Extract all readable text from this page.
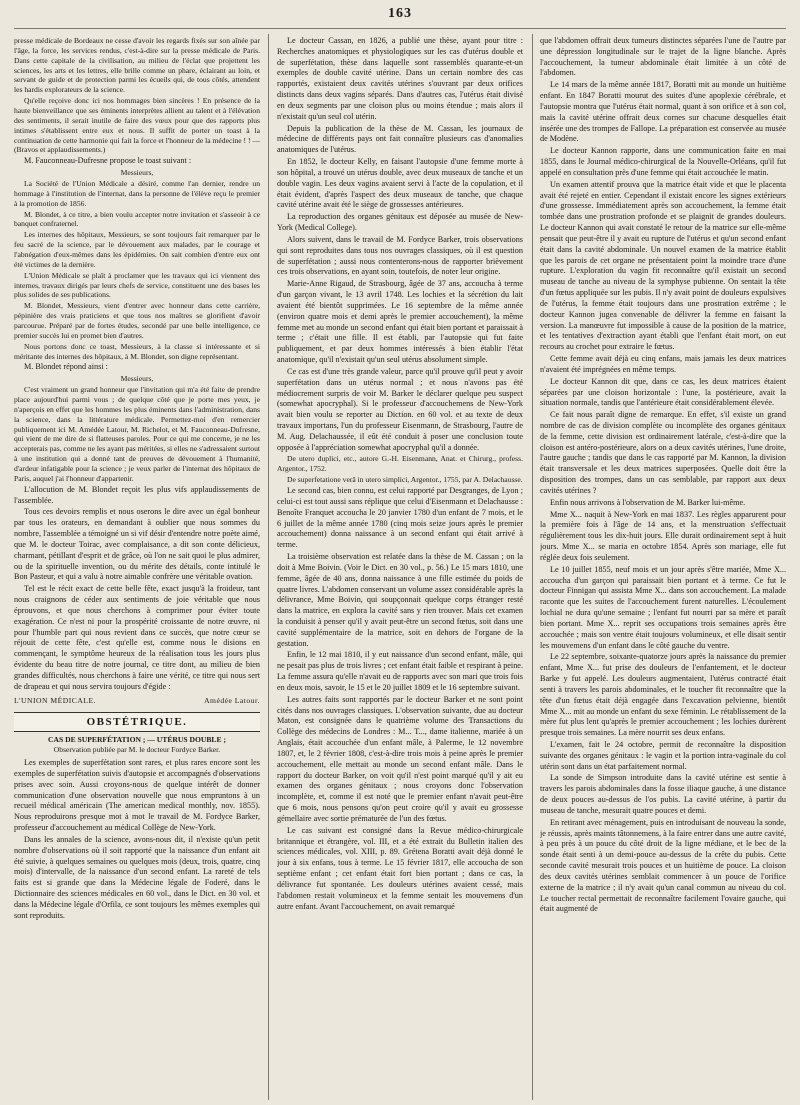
163

presse médicale de Bordeaux ne cesse d'avoir les regards fixés sur son aînée par l'âge, la force, les services rendus, c'est-à-dire sur la presse médicale de Paris. Dans cette capitale de la civilisation, au milieu de l'éclat que projettent les sciences, les arts et les lettres, elle brille comme un phare, éclairant au loin, et servant de guide et de protection parmi les écueils qui, de tous côtés, attendent les hardis explorateurs de la science.

Qu'elle reçoive donc ici nos hommages bien sincères ! En présence de la haute bienveillance que ses éminents interprètes allient au talent et à l'élévation des sentiments, il serait inutile de faire des vœux pour que des rapports plus intimes s'établissent entre eux et nous. Il suffit de porter un toast à la continuation de cette harmonie qui fait la force et l'honneur de la médecine ! ! — (Bravos et applaudissements.)

M. Fauconneau-Dufresne propose le toast suivant :

Messieurs,

La Société de l'Union Médicale a désiré, comme l'an dernier, rendre un hommage à l'institution de l'internat, dans la personne de l'élève reçu le premier à la promotion de 1856.

M. Blondet, à ce titre, a bien voulu accepter notre invitation et s'asseoir à ce banquet confraternel.

Les internes des hôpitaux, Messieurs, se sont toujours fait remarquer par le feu sacré de la science, par le dévouement aux malades, par le courage et l'abnégation d'eux-mêmes dans les épidémies. On sait combien d'entre eux ont été victimes de la dernière.

L'Union Médicale se plaît à proclamer que les travaux qui ici viennent des internes, travaux dirigés par leurs chefs de service, constituent une des bases les plus solides de ses publications.

M. Blondet, Messieurs, vient d'entrer avec honneur dans cette carrière, pépinière des vrais praticiens et que tous nos maîtres se glorifient d'avoir parcourue. Préparé par de fortes études, secondé par une belle intelligence, ce premier succès lui en promet bien d'autres.

Nous portons donc ce toast, Messieurs, à la classe si intéressante et si méritante des internes des hôpitaux, à M. Blondet, son digne représentant.

M. Blondet répond ainsi :

Messieurs,

C'est vraiment un grand honneur que l'invitation qui m'a été faite de prendre place aujourd'hui parmi vous ; de quelque côté que je porte mes yeux, je n'aperçois en effet que les hommes les plus éminents dans l'administration, dans la science, dans la littérature médicale. Permettez-moi d'en remercier publiquement ici M. Amédée Latour, M. Richelot, et M. Fauconneau-Dufresne, qui vient de me dire de si flatteuses paroles. Pour ce qui me concerne, je ne les accepterais pas, comme ne les ayant pas méritées, si elles ne s'adressaient surtout à une institution qui a donné tant de preuves de dévouement à l'humanité, d'ardeur infatigable pour la science ; je veux parler de l'internat des hôpitaux de Paris, auquel j'ai l'honneur d'appartenir.

L'allocution de M. Blondet reçoit les plus vifs applaudissements de l'assemblée.

Tous ces devoirs remplis et nous oserons le dire avec un égal bonheur par tous les orateurs, en demandant à oublier que nous sommes du nombre, l'assemblée a témoigné un si vif désir d'entendre notre poète aimé, que M. le docteur Toirac, avec complaisance, a dit son conte délicieux, charmant, pétillant d'esprit et de grâce, où l'on ne sait quoi le plus admirer, ou de la spirituelle invention, ou du mérite des détails, conte intitulé le Bon Pasteur, et qui a valu à notre aimable confrère une véritable ovation.

Tel est le récit exact de cette belle fête, exact jusqu'à la froideur, tant nous craignons de céder aux sentiments de joie véritable que nous éprouvons, et que nous cherchons à comprimer pour éviter toute exagération. Ce n'est ni pour la prospérité croissante de notre œuvre, ni pour l'humble part qui nous revient dans ce succès, que notre cœur se réjouit de cette fête, c'est qu'elle est, comme nous le disions en commençant, le symptôme heureux de la réalisation tous les jours plus évidente du beau titre de notre journal, ce titre dont, au milieu de bien grandes difficultés, nous cherchons à faire une vérité, ce titre qui nous sert de drapeau et qui nous servira toujours d'égide :

L'UNION MÉDICALE.	Amédée Latour.
OBSTÉTRIQUE.
CAS DE SUPERFÉTATION ; — UTÉRUS DOUBLE ;
Observation publiée par M. le docteur Fordyce Barker.

Les exemples de superfétation sont rares, et plus rares encore sont les exemples de superfétation suivis d'autopsie et accompagnés d'observations prises avec soin. Aussi croyons-nous de quelque intérêt de donner communication d'une observation nouvelle que nous empruntons à un recueil médical américain (The american medical monthly, nov. 1855). Nous reproduirons presque mot à mot le travail de M. Fordyce Barker, professeur d'accouchement au médical Collège de New-York.

Dans les annales de la science, avons-nous dit, il n'existe qu'un petit nombre d'observations où il soit rapporté que la naissance d'un enfant ait été suivie, à quelques semaines ou quelques mois (deux, trois, quatre, cinq mois) d'intervalle, de la naissance d'un second enfant. La rareté de tels faits est si grande que dans la Médecine légale de Foderé, dans le Dictionnaire des sciences médicales en 60 vol., dans le Dict. en 30 vol. et dans la Médecine légale d'Orfila, ce sont toujours les mêmes exemples qui sont reproduits.

Le docteur Cassan, en 1826, a publié une thèse, ayant pour titre : Recherches anatomiques et physiologiques sur les cas d'utérus double et de superfétation, thèse dans laquelle sont rassemblés quarante-et-un exemples de double cavité utérine. Dans un certain nombre des cas rapportés, existaient deux cavités utérines s'ouvrant par deux orifices distincts dans deux vagins séparés. Dans d'autres cas, l'utérus était divisé en deux segments par une cloison plus ou moins étendue ; mais alors il n'existait qu'un seul col utérin.

Depuis la publication de la thèse de M. Cassan, les journaux de médecine de différents pays ont fait connaître plusieurs cas d'anomalies anatomiques de l'utérus.

En 1852, le docteur Kelly, en faisant l'autopsie d'une femme morte à son hôpital, a trouvé un utérus double, avec deux museaux de tanche et un double vagin. Les deux vagins avaient servi à l'acte de la copulation, et il était évident, d'après l'aspect des deux museaux de tanche, que chaque cavité utérine avait été le siège de grossesses antérieures.

La reproduction des organes génitaux est déposée au musée de New-York (Medical College).

Alors suivent, dans le travail de M. Fordyce Barker, trois observations qui sont reproduites dans tous nos ouvrages classiques, où il est question de superfétation ; aussi nous contenterons-nous de rapporter brièvement ces trois observations, en ayant soin, toutefois, de noter leur origine.

Marie-Anne Rigaud, de Strasbourg, âgée de 37 ans, accoucha à terme d'un garçon vivant, le 13 avril 1748. Les lochies et la sécrétion du lait avaient été bientôt supprimées. Le 16 septembre de la même année (environ quatre mois et demi après le premier accouchement), la même femme met au monde un second enfant qui était bien portant et paraissait à terme ; c'était une fille. Il est établi, par l'autopsie qui fut faite publiquement, et par deux hommes intéressés à bien établir l'état anatomique, qu'il n'existait qu'un seul utérus absolument simple.

Ce cas est d'une très grande valeur, parce qu'il prouve qu'il peut y avoir superfétation dans un utérus normal ; et nous n'avons pas été médiocrement surpris de voir M. Barker le déclarer quelque peu suspect (somewhat apocryphal). Si le professeur d'accouchemens de New-York avait bien voulu se reporter au Diction. en 60 vol. et au texte de deux travaux importans, l'un du professeur Eisenmann, de Strasbourg, l'autre de M. Aug. Delachaussée, il eût été conduit à poser une conclusion toute opposée à l'appréciation somewhat apocryphal qu'il a donnée.

De utero duplici, etc., autore G.-H. Eisenmann, Anat. et Chirurg., profess. Argentor., 1752.

De superfetatione verâ in utero simplici, Argentor., 1755, par A. Delachausse.

Le second cas, bien connu, est celui rapporté par Desgranges, de Lyon ; celui-ci est tout aussi sans réplique que celui d'Eisenmann et Delachausse : Benoîte Franquet accoucha le 20 janvier 1780 d'un enfant de 7 mois, et le 6 juillet de la même année 1780 (cinq mois seize jours après le premier accouchement) donna naissance à un second enfant qui était arrivé à terme.

La troisième observation est relatée dans la thèse de M. Cassan ; on la doit à Mme Boivin. (Voir le Dict. en 30 vol., p. 56.) Le 15 mars 1810, une femme, âgée de 40 ans, donna naissance à une fille estimée du poids de quatre livres. L'abdomen conservant un volume assez considérable après la délivrance, Mme Boivin, qui soupçonnait quelque corps étranger resté dans la matrice, en explora la cavité sans y rien trouver. Mais cet examen la conduisit à penser qu'il y avait peut-être un second fœtus, soit dans une cavité supplémentaire de la matrice, soit en dehors de l'organe de la gestation.

Enfin, le 12 mai 1810, il y eut naissance d'un second enfant, mâle, qui ne pesait pas plus de trois livres ; cet enfant était faible et respirant à peine. La femme assura qu'elle n'avait eu de rapports avec son mari que trois fois en deux mois, savoir, le 15 et le 20 juillet 1809 et le 16 septembre suivant.

Les autres faits sont rapportés par le docteur Barker et ne sont point cités dans nos ouvrages classiques. L'observation suivante, due au docteur Maton, est consignée dans le quatrième volume des Transactions du Collège des médecins de Londres : M... T..., dame italienne, mariée à un Anglais, était accouchée d'un enfant mâle, à Palerme, le 12 novembre 1807, et, le 2 février 1808, c'est-à-dire trois mois à peine après le premier accouchement, elle mettait au monde un second enfant mâle. Dans le rapport du docteur Barker, on voit qu'il n'est point marqué qu'il y ait eu examen des organes génitaux ; nous croyons donc l'observation incomplète, et, comme il est noté que le premier enfant n'avait peut-être que 6 mois, nous pensons qu'on peut croire qu'il y avait eu grossesse gémellaire avec sortie prématurée de l'un des fœtus.

Le cas suivant est consigné dans la Revue médico-chirurgicale britannique et étrangère, vol. III, et a été extrait du Bulletin italien des sciences médicales, vol. XIII, p. 89. Grétena Boratti avait déjà donné le jour à six enfans, tous à terme. Le 15 février 1817, elle accoucha de son septième enfant ; cet enfant était fort bien portant ; dans ce cas, la délivrance fut spontanée. Les douleurs utérines avaient cessé, mais l'abdomen restait volumineux et la femme sentait les mouvemens d'un autre enfant. Avant l'accouchement, on avait remarqué

que l'abdomen offrait deux tumeurs distinctes séparées l'une de l'autre par une dépression longitudinale sur le trajet de la ligne blanche. Après l'accouchement, la tumeur abdominale était limitée à un côté de l'abdomen.

Le 14 mars de la même année 1817, Boratti mit au monde un huitième enfant. En 1847 Boratti mourut des suites d'une apoplexie cérébrale, et l'autopsie montra que l'utérus était normal, quant à son orifice et à son col, mais la cavité utérine offrait deux cornes sur chacune desquelles était insérée une des trompes de Fallope. La préparation est conservée au musée de Modène.

Le docteur Kannon rapporte, dans une communication faite en mai 1855, dans le Journal médico-chirurgical de la Nouvelle-Orléans, qu'il fut appelé en consultation près d'une femme qui était accouchée le matin.

Un examen attentif prouva que la matrice était vide et que le placenta avait été rejeté en entier. Cependant il existait encore les signes extérieurs d'une grossesse. Immédiatement après son accouchement, la femme était tombée dans une prostration profonde et se plaignit de grandes douleurs. Le docteur Kannon qui avait constaté le retour de la matrice sur elle-même pensait que peut-être il y avait eu rupture de l'utérus et qu'un second enfant était dans la cavité abdominale. Un nouvel examen de la matrice établit que les parois de cet organe ne présentaient point la moindre trace d'une rupture. L'exploration du vagin fit reconnaître qu'il existait un second museau de tanche au niveau de la symphyse pubienne. On sentait la tête d'un fœtus appliquée sur les pubis. Il n'y avait point de douleurs expulsives de l'utérus, la femme était toujours dans une prostration extrême ; le docteur Kannon jugea convenable de délivrer la femme en faisant la version. La manœuvre fut impossible à cause de la position de la matrice, et les tentatives d'extraction ayant établi que l'enfant était mort, on eut recours au crochet pour extraire le fœtus.

Cette femme avait déjà eu cinq enfans, mais jamais les deux matrices n'avaient été imprégnées en même temps.

Le docteur Kannon dit que, dans ce cas, les deux matrices étaient séparées par une cloison horizontale : l'une, la postérieure, avait la situation normale, tandis que l'antérieure était considérablement élevée.

Ce fait nous paraît digne de remarque. En effet, s'il existe un grand nombre de cas de division complète ou incomplète des organes génitaux de la femme, cette division est ordinairement latérale, c'est-à-dire que la cloison est antéro-postérieure, alors on a deux cavités utérines, l'une droite, l'autre gauche ; tandis que dans le cas rapporté par M. Kannon, la division était transversale et les deux matrices superposées. Quelle doit être la disposition des trompes, dans un cas semblable, par rapport aux deux cavités utérines ?

Enfin nous arrivons à l'observation de M. Barker lui-même.

Mme X... naquit à New-York en mai 1837. Les règles apparurent pour la première fois à l'âge de 14 ans, et la menstruation s'effectuait régulièrement tous les dix-huit jours. Elle durait ordinairement sept à huit jours. Mme X... se maria en octobre 1854. Après son mariage, elle fut réglée deux fois seulement.

Le 10 juillet 1855, neuf mois et un jour après s'être mariée, Mme X... accoucha d'un garçon qui paraissait bien portant et à terme. Ce fut le docteur Finnigan qui assista Mme X... dans son accouchement. La malade raconte que les suites de l'accouchement furent naturelles. L'écoulement lochial ne dura qu'une semaine ; l'enfant fut nourri par sa mère et paraît bien portant. Mme X... reprit ses occupations trois semaines après être accouchée ; mais son ventre était toujours volumineux, et elle disait sentir les mouvemens d'un enfant dans le côté gauche du ventre.

Le 22 septembre, soixante-quatorze jours après la naissance du premier enfant, Mme X... fut prise des douleurs de l'enfantement, et le docteur Barke y fut appelé. Les douleurs augmentaient, l'utérus contracté était senti à travers les parois abdominales, et le toucher fit reconnaître que la tête d'un fœtus était déjà engagée dans l'excavation pelvienne, bientôt Mme X... mit au monde un enfant du sexe féminin. Le rétablissement de la mère fut plus lent qu'après le premier accouchement ; les lochies durèrent presque trois semaines. La mère nourrit ses deux enfans.

L'examen, fait le 24 octobre, permit de reconnaître la disposition suivante des organes génitaux : le vagin et la portion intra-vaginale du col utérin sont dans un état parfaitement normal.

La sonde de Simpson introduite dans la cavité utérine est sentie à travers les parois abdominales dans la fosse iliaque gauche, à une distance de deux pouces au-dessus de l'os pubis. La cavité utérine, à partir du museau de tanche, mesurait quatre pouces et demi.

En retirant avec ménagement, puis en introduisant de nouveau la sonde, je réussis, après maints tâtonnemens, à la faire entrer dans une autre cavité, à peu près à un pouce du côté droit de la ligne médiane, et le bec de la sonde était senti à un demi-pouce au-dessus de la crête du pubis. Cette seconde cavité mesurait trois pouces et un huitième de pouce. La cloison des deux cavités utérines semblait commencer à un pouce de l'orifice externe de la matrice ; il n'y avait qu'un canal commun au niveau du col. Le toucher rectal permettait de reconnaître facilement l'ovaire gauche, qui était augmenté de
